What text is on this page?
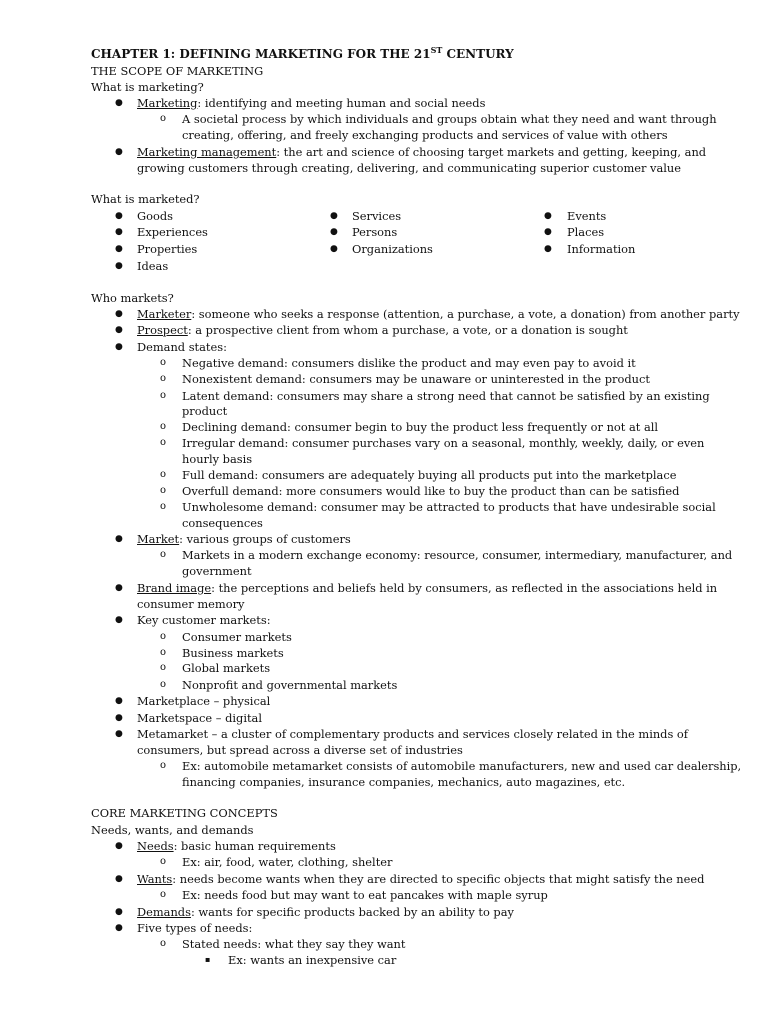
CHAPTER 1: DEFINING MARKETING FOR THE 21ST CENTURY
THE SCOPE OF MARKETING
What is marketing?
● Marketing: identifying and meeting human and social needs
o A societal process by which individuals and groups obtain what they need and want through
creating, offering, and freely exchanging products and services of value with others
● Marketing management: the art and science of choosing target markets and getting, keeping, and
growing customers through creating, delivering, and communicating superior customer value
What is marketed?
● Goods
● Experiences
● Properties
● Ideas
● Services
● Persons
● Organizations
● Events
● Places
● Information
Who markets?
● Marketer: someone who seeks a response (attention, a purchase, a vote, a donation) from another party
● Prospect: a prospective client from whom a purchase, a vote, or a donation is sought
● Demand states:
o Negative demand: consumers dislike the product and may even pay to avoid it
o Nonexistent demand: consumers may be unaware or uninterested in the product
o Latent demand: consumers may share a strong need that cannot be satisfied by an existing
product
o Declining demand: consumer begin to buy the product less frequently or not at all
o Irregular demand: consumer purchases vary on a seasonal, monthly, weekly, daily, or even
hourly basis
o Full demand: consumers are adequately buying all products put into the marketplace
o Overfull demand: more consumers would like to buy the product than can be satisfied
o Unwholesome demand: consumer may be attracted to products that have undesirable social
consequences
● Market: various groups of customers
o Markets in a modern exchange economy: resource, consumer, intermediary, manufacturer, and
government
● Brand image: the perceptions and beliefs held by consumers, as reflected in the associations held in
consumer memory
● Key customer markets:
o Consumer markets
o Business markets
o Global markets
o Nonprofit and governmental markets
● Marketplace – physical
● Marketspace – digital
● Metamarket – a cluster of complementary products and services closely related in the minds of
consumers, but spread across a diverse set of industries
o Ex: automobile metamarket consists of automobile manufacturers, new and used car dealership,
financing companies, insurance companies, mechanics, auto magazines, etc.
CORE MARKETING CONCEPTS
Needs, wants, and demands
● Needs: basic human requirements
o Ex: air, food, water, clothing, shelter
● Wants: needs become wants when they are directed to specific objects that might satisfy the need
o Ex: needs food but may want to eat pancakes with maple syrup
● Demands: wants for specific products backed by an ability to pay
● Five types of needs:
o Stated needs: what they say they want
▪ Ex: wants an inexpensive car
